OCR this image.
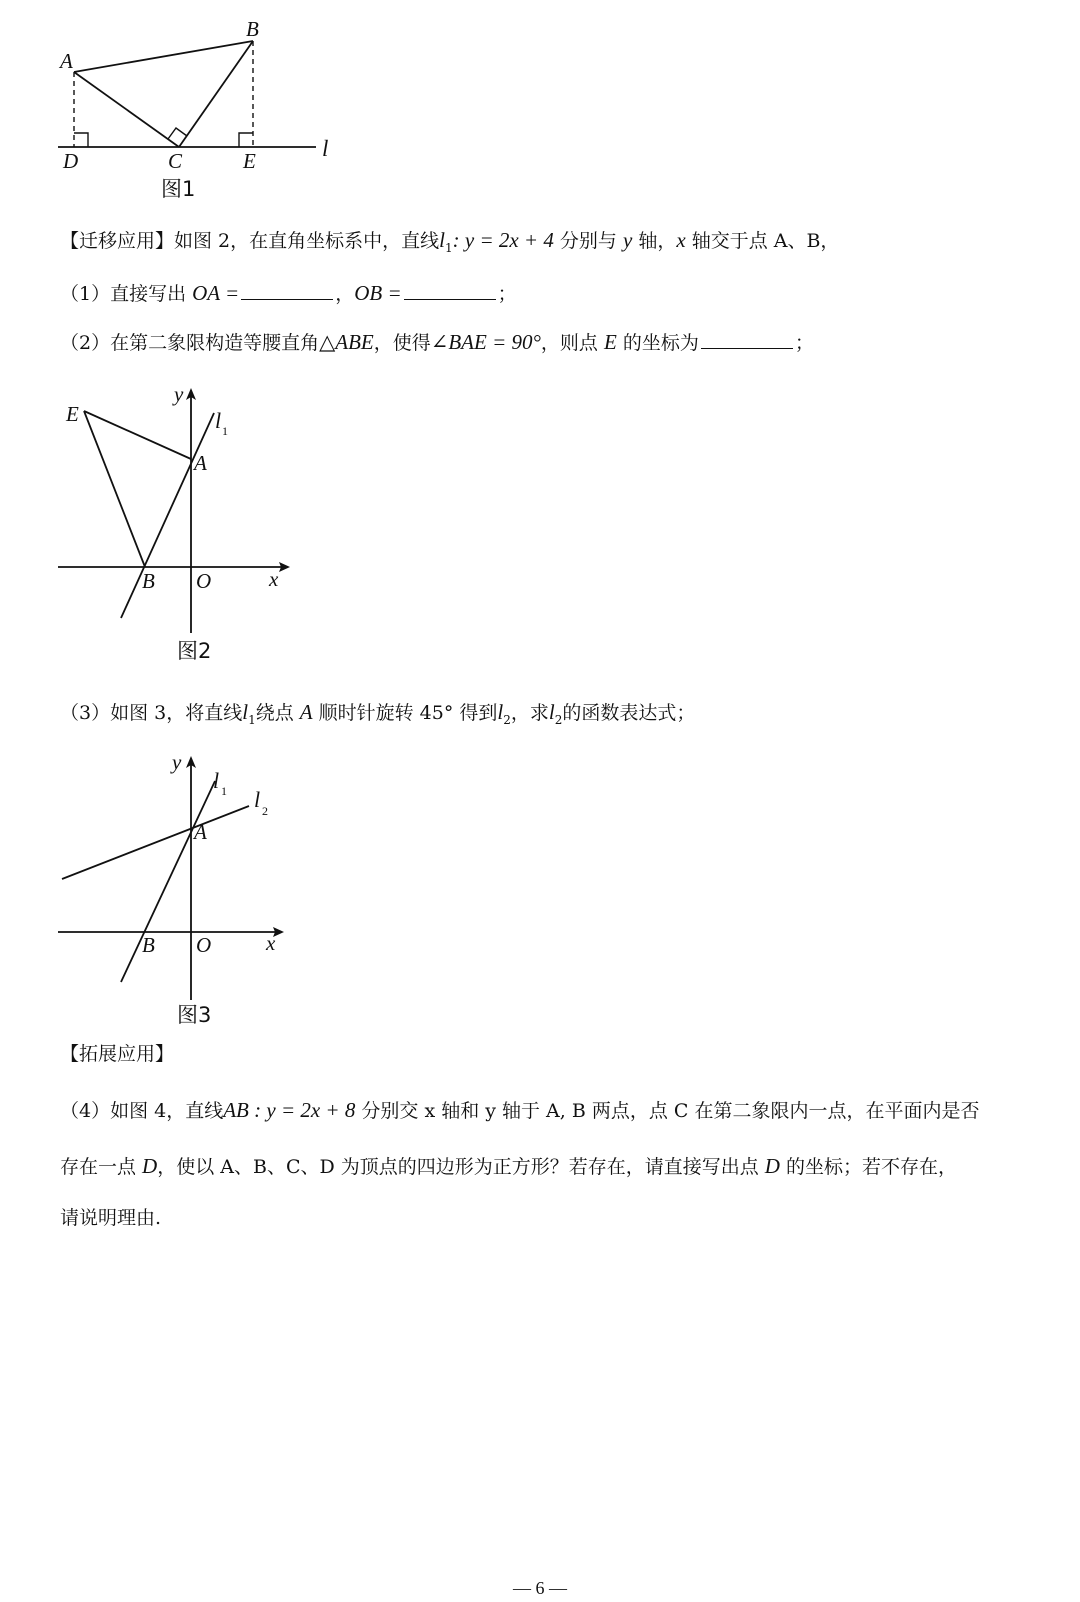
A
B
C
D	E	l
图1
【迁移应用】如图 2，在直角坐标系中，直线$l_1$: y = 2x + 4 分别与 y 轴，x 轴交于点 A、B，
（1）直接写出 OA =	，OB =	；
（2）在第二象限构造等腰直角△ABE，使得∠BAE = 90°，则点 E 的坐标为	；
E
y
l 1
A
B O	x
图2
（3）如图 3，将直线$l_1$绕点 A 顺时针旋转 45° 得到$l_2$，求$l_2$的函数表达式；
y
l 1 l 2
A
B O	x
图3
【拓展应用】
（4）如图 4，直线AB : y = 2x + 8 分别交 x 轴和 y 轴于 A, B 两点，点 C 在第二象限内一点，在平面内是否
存在一点 D，使以 A、B、C、D 为顶点的四边形为正方形？若存在，请直接写出点 D 的坐标；若不存在，
请说明理由.
— 6 —
